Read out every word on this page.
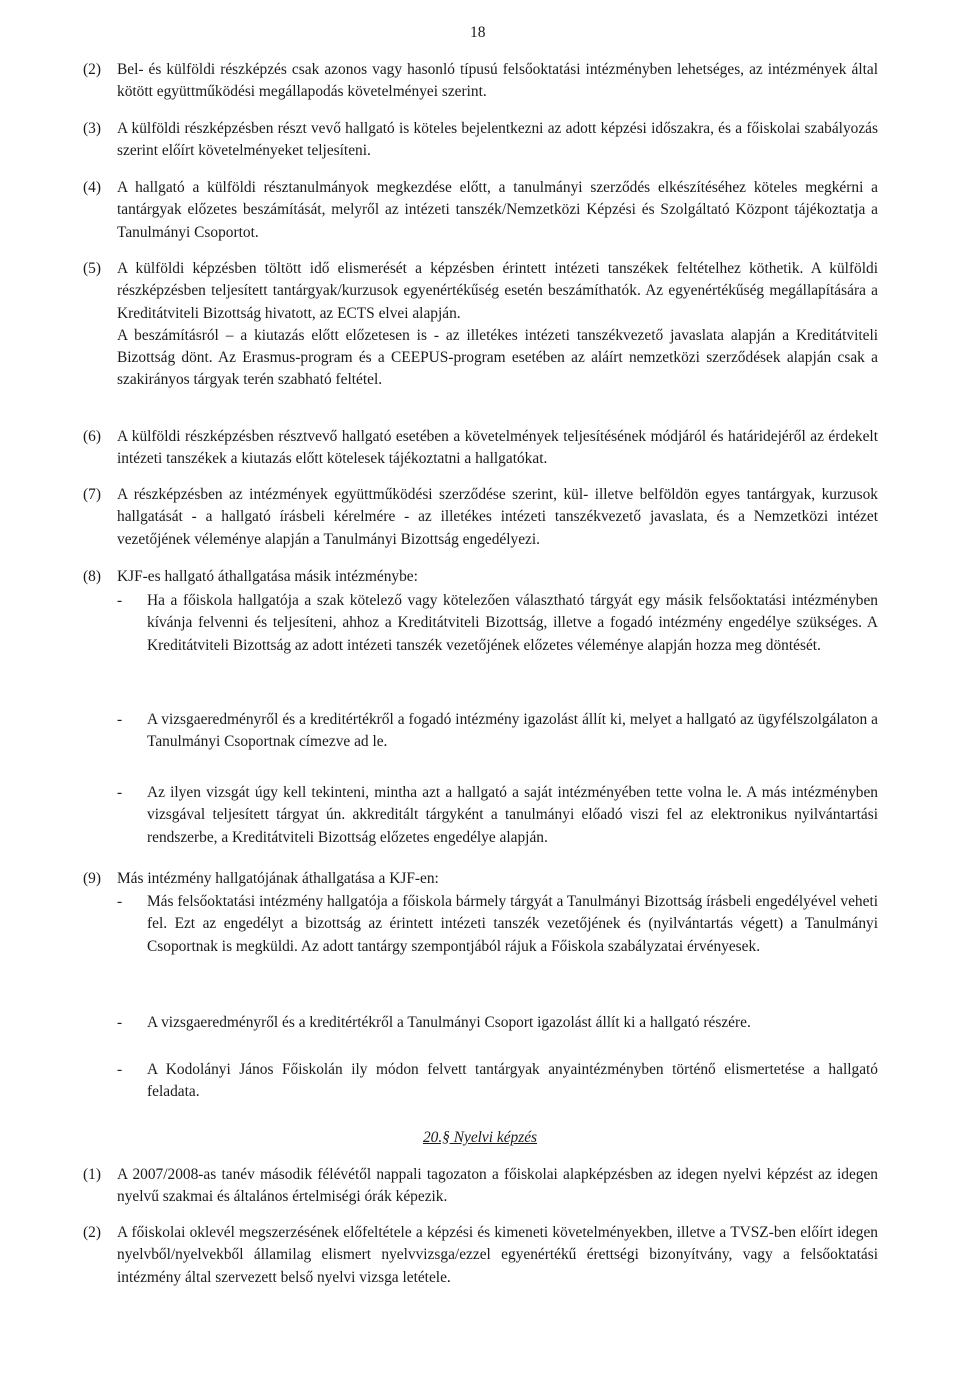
18
(2) Bel- és külföldi részképzés csak azonos vagy hasonló típusú felsőoktatási intézményben lehetséges, az intézmények által kötött együttműködési megállapodás követelményei szerint.
(3) A külföldi részképzésben részt vevő hallgató is köteles bejelentkezni az adott képzési időszakra, és a főiskolai szabályozás szerint előírt követelményeket teljesíteni.
(4) A hallgató a külföldi résztanulmányok megkezdése előtt, a tanulmányi szerződés elkészítéséhez köteles megkérni a tantárgyak előzetes beszámítását, melyről az intézeti tanszék/Nemzetközi Képzési és Szolgáltató Központ tájékoztatja a Tanulmányi Csoportot.
(5) A külföldi képzésben töltött idő elismerését a képzésben érintett intézeti tanszékek feltételhez köthetik. A külföldi részképzésben teljesített tantárgyak/kurzusok egyenértékűség esetén beszámíthatók. Az egyenértékűség megállapítására a Kreditátviteli Bizottság hivatott, az ECTS elvei alapján.
A beszámításról – a kiutazás előtt előzetesen is - az illetékes intézeti tanszékvezető javaslata alapján a Kreditátviteli Bizottság dönt. Az Erasmus-program és a CEEPUS-program esetében az aláírt nemzetközi szerződések alapján csak a szakirányos tárgyak terén szabható feltétel.
(6) A külföldi részképzésben résztvevő hallgató esetében a követelmények teljesítésének módjáról és határidejéről az érdekelt intézeti tanszékek a kiutazás előtt kötelesek tájékoztatni a hallgatókat.
(7) A részképzésben az intézmények együttműködési szerződése szerint, kül- illetve belföldön egyes tantárgyak, kurzusok hallgatását - a hallgató írásbeli kérelmére - az illetékes intézeti tanszékvezető javaslata, és a Nemzetközi intézet vezetőjének véleménye alapján a Tanulmányi Bizottság engedélyezi.
(8) KJF-es hallgató áthallgatása másik intézménybe:
- Ha a főiskola hallgatója a szak kötelező vagy kötelezően választható tárgyát egy másik felsőoktatási intézményben kívánja felvenni és teljesíteni, ahhoz a Kreditátviteli Bizottság, illetve a fogadó intézmény engedélye szükséges. A Kreditátviteli Bizottság az adott intézeti tanszék vezetőjének előzetes véleménye alapján hozza meg döntését.
- A vizsgaeredményről és a kreditértékről a fogadó intézmény igazolást állít ki, melyet a hallgató az ügyfélszolgálaton a Tanulmányi Csoportnak címezve ad le.
- Az ilyen vizsgát úgy kell tekinteni, mintha azt a hallgató a saját intézményében tette volna le. A más intézményben vizsgával teljesített tárgyat ún. akkreditált tárgyként a tanulmányi előadó viszi fel az elektronikus nyilvántartási rendszerbe, a Kreditátviteli Bizottság előzetes engedélye alapján.
(9) Más intézmény hallgatójának áthallgatása a KJF-en:
- Más felsőoktatási intézmény hallgatója a főiskola bármely tárgyát a Tanulmányi Bizottság írásbeli engedélyével veheti fel. Ezt az engedélyt a bizottság az érintett intézeti tanszék vezetőjének és (nyilvántartás végett) a Tanulmányi Csoportnak is megküldi. Az adott tantárgy szempontjából rájuk a Főiskola szabályzatai érvényesek.
- A vizsgaeredményről és a kreditértékről a Tanulmányi Csoport igazolást állít ki a hallgató részére.
- A Kodolányi János Főiskolán ily módon felvett tantárgyak anyaintézményben történő elismertetése a hallgató feladata.
20.§ Nyelvi képzés
(1) A 2007/2008-as tanév második félévétől nappali tagozaton a főiskolai alapképzésben az idegen nyelvi képzést az idegen nyelvű szakmai és általános értelmiségi órák képezik.
(2) A főiskolai oklevél megszerzésének előfeltétele a képzési és kimeneti követelményekben, illetve a TVSZ-ben előírt idegen nyelvből/nyelvekből államilag elismert nyelvvizsga/ezzel egyenértékű érettségi bizonyítvány, vagy a felsőoktatási intézmény által szervezett belső nyelvi vizsga letétele.
